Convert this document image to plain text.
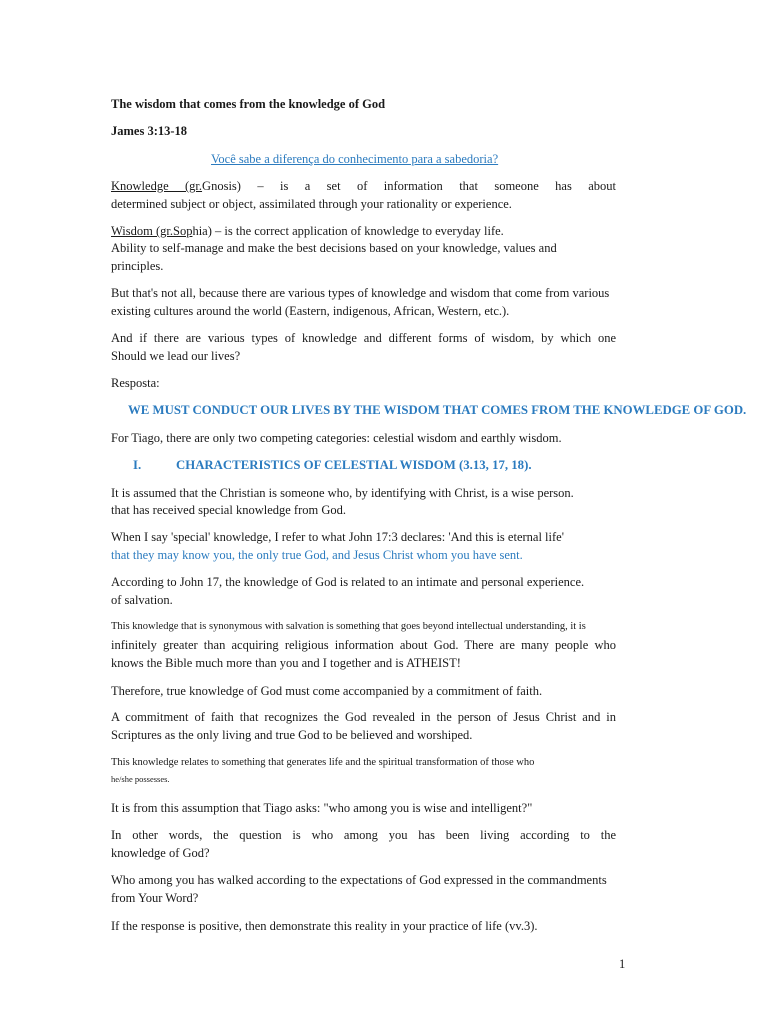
The wisdom that comes from the knowledge of God

James 3:13-18

Você sabe a diferença do conhecimento para a sabedoria?

Knowledge (gr.Gnosis) – is a set of information that someone has about

determined subject or object, assimilated through your rationality or experience.

Wisdom (gr.Sophia) – is the correct application of knowledge to everyday life.

Ability to self-manage and make the best decisions based on your knowledge, values and

principles.

But that's not all, because there are various types of knowledge and wisdom that come from various

existing cultures around the world (Eastern, indigenous, African, Western, etc.).

And if there are various types of knowledge and different forms of wisdom, by which one

Should we lead our lives?

Resposta:

WE MUST CONDUCT OUR LIVES BY THE WISDOM THAT COMES FROM THE KNOWLEDGE OF GOD.

For Tiago, there are only two competing categories: celestial wisdom and earthly wisdom.

I.	CHARACTERISTICS OF CELESTIAL WISDOM (3.13, 17, 18).

It is assumed that the Christian is someone who, by identifying with Christ, is a wise person.

that has received special knowledge from God.

When I say 'special' knowledge, I refer to what John 17:3 declares: 'And this is eternal life'

that they may know you, the only true God, and Jesus Christ whom you have sent.

According to John 17, the knowledge of God is related to an intimate and personal experience.

of salvation.

This knowledge that is synonymous with salvation is something that goes beyond intellectual understanding, it is

infinitely greater than acquiring religious information about God. There are many people who

knows the Bible much more than you and I together and is ATHEIST!

Therefore, true knowledge of God must come accompanied by a commitment of faith.

A commitment of faith that recognizes the God revealed in the person of Jesus Christ and in

Scriptures as the only living and true God to be believed and worshiped.

This knowledge relates to something that generates life and the spiritual transformation of those who

he/she possesses.

It is from this assumption that Tiago asks: "who among you is wise and intelligent?"

In other words, the question is who among you has been living according to the

knowledge of God?

Who among you has walked according to the expectations of God expressed in the commandments

from Your Word?

If the response is positive, then demonstrate this reality in your practice of life (vv.3).

1
